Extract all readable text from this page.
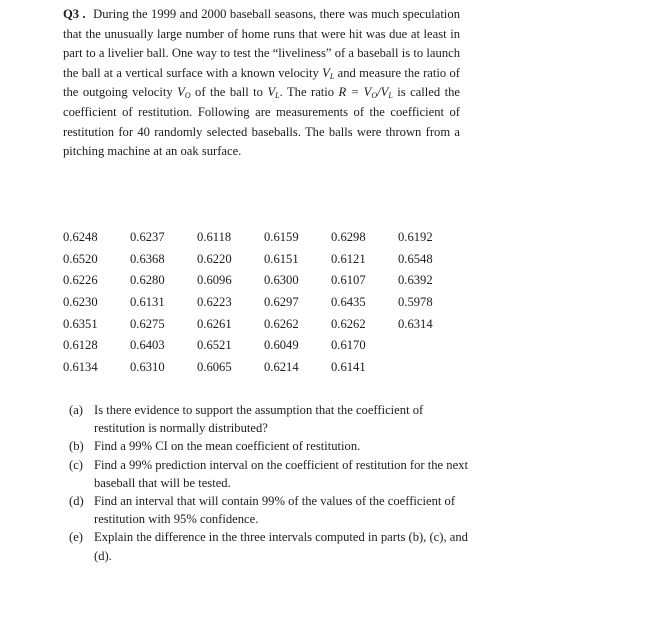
Q3 . During the 1999 and 2000 baseball seasons, there was much speculation that the unusually large number of home runs that were hit was due at least in part to a livelier ball. One way to test the “liveliness” of a baseball is to launch the ball at a vertical surface with a known velocity $V_L$ and measure the ratio of the outgoing velocity $V_O$ of the ball to $V_L$. The ratio $R = V_O/V_L$ is called the coefficient of restitution. Following are measurements of the coefficient of restitution for 40 randomly selected baseballs. The balls were thrown from a pitching machine at an oak surface.

0.6248	0.6237	0.6118	0.6159	0.6298	0.6192
0.6520	0.6368	0.6220	0.6151	0.6121	0.6548
0.6226	0.6280	0.6096	0.6300	0.6107	0.6392
0.6230	0.6131	0.6223	0.6297	0.6435	0.5978
0.6351	0.6275	0.6261	0.6262	0.6262	0.6314
0.6128	0.6403	0.6521	0.6049	0.6170	
0.6134	0.6310	0.6065	0.6214	0.6141	
(a) Is there evidence to support the assumption that the coefficient of restitution is normally distributed?
(b) Find a 99% CI on the mean coefficient of restitution.
(c) Find a 99% prediction interval on the coefficient of restitution for the next baseball that will be tested.
(d) Find an interval that will contain 99% of the values of the coefficient of restitution with 95% confidence.
(e) Explain the difference in the three intervals computed in parts (b), (c), and (d).
